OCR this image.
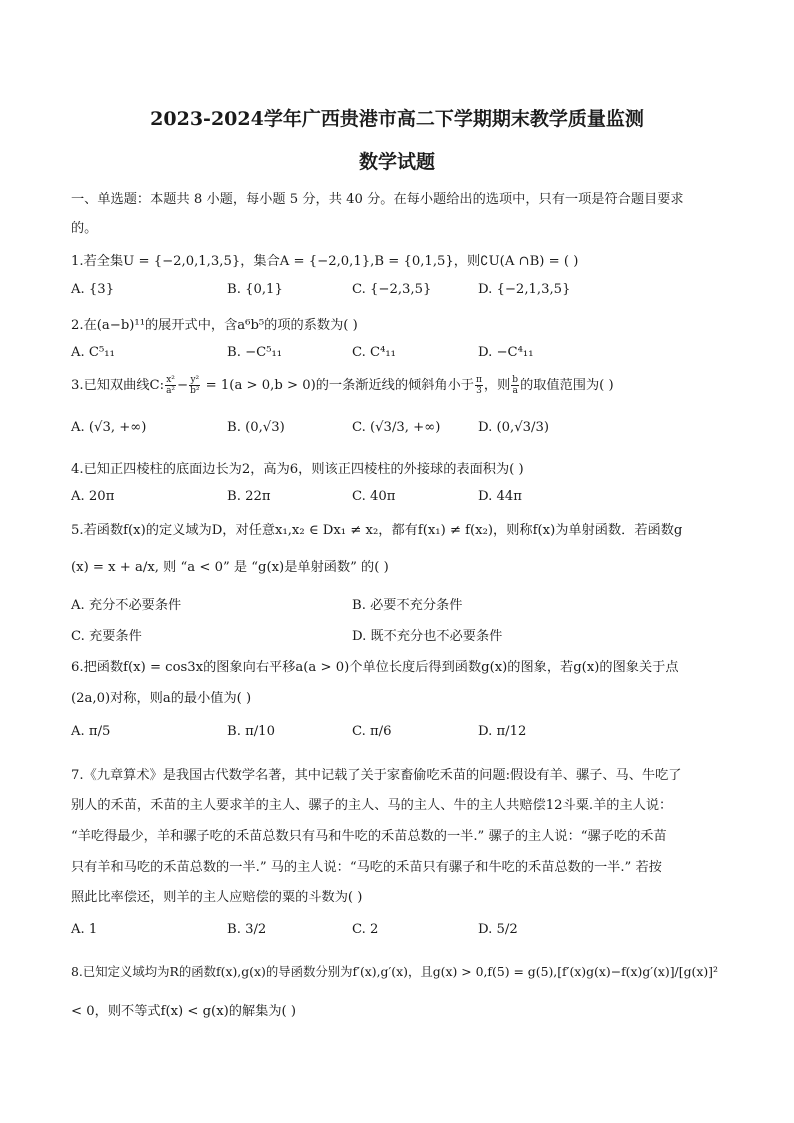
2023-2024学年广西贵港市高二下学期期末教学质量监测
数学试题
一、单选题：本题共 8 小题，每小题 5 分，共 40 分。在每小题给出的选项中，只有一项是符合题目要求
的。
1.若全集U = {−2,0,1,3,5}，集合A = {−2,0,1},B = {0,1,5}，则∁U(A ∩B) = ( )
A. {3}	B. {0,1}	C. {−2,3,5}	D. {−2,1,3,5}
2.在(a−b)¹¹的展开式中，含a⁶b⁵的项的系数为( )
A. C⁵₁₁	B. −C⁵₁₁	C. C⁴₁₁	D. −C⁴₁₁
3.已知双曲线C: $\frac{\text{x²}}{\text{a²}} - \frac{\text{y²}}{\text{b²}} = 1(a > 0,b > 0)$的一条渐近线的倾斜角小于 $\frac{\pi}{3}$ ，则 $\frac{b}{a}$ 的取值范围为( )
A. (√3, +∞)	B. (0,√3)	C. (√3/3, +∞)	D. (0,√3/3)
4.已知正四棱柱的底面边长为2，高为6，则该正四棱柱的外接球的表面积为( )
A. 20π	B. 22π	C. 40π	D. 44π
5.若函数f(x)的定义域为D，对任意x₁,x₂ ∈ Dx₁ ≠ x₂，都有f(x₁) ≠ f(x₂)，则称f(x)为单射函数．若函数g
(x) = x + a/x, 则 “a < 0” 是 “g(x)是单射函数” 的( )
A. 充分不必要条件	B. 必要不充分条件
C. 充要条件	D. 既不充分也不必要条件
6.把函数f(x) = cos3x的图象向右平移a(a > 0)个单位长度后得到函数g(x)的图象，若g(x)的图象关于点
(2a,0)对称，则a的最小值为( )
A. π/5	B. π/10	C. π/6	D. π/12
7.《九章算术》是我国古代数学名著，其中记载了关于家畜偷吃禾苗的问题:假设有羊、骡子、马、牛吃了
别人的禾苗，禾苗的主人要求羊的主人、骡子的主人、马的主人、牛的主人共赔偿12斗粟.羊的主人说：
“羊吃得最少，羊和骡子吃的禾苗总数只有马和牛吃的禾苗总数的一半.” 骡子的主人说：“骡子吃的禾苗
只有羊和马吃的禾苗总数的一半.” 马的主人说：“马吃的禾苗只有骡子和牛吃的禾苗总数的一半.” 若按
照此比率偿还，则羊的主人应赔偿的粟的斗数为( )
A. 1	B. 3/2	C. 2	D. 5/2
8.已知定义域均为R的函数f(x),g(x)的导函数分别为f′(x),g′(x)，且g(x) > 0,f(5) = g(5),[f′(x)g(x)−f(x)g′(x)]/[g(x)]²
< 0，则不等式f(x) < g(x)的解集为( )
